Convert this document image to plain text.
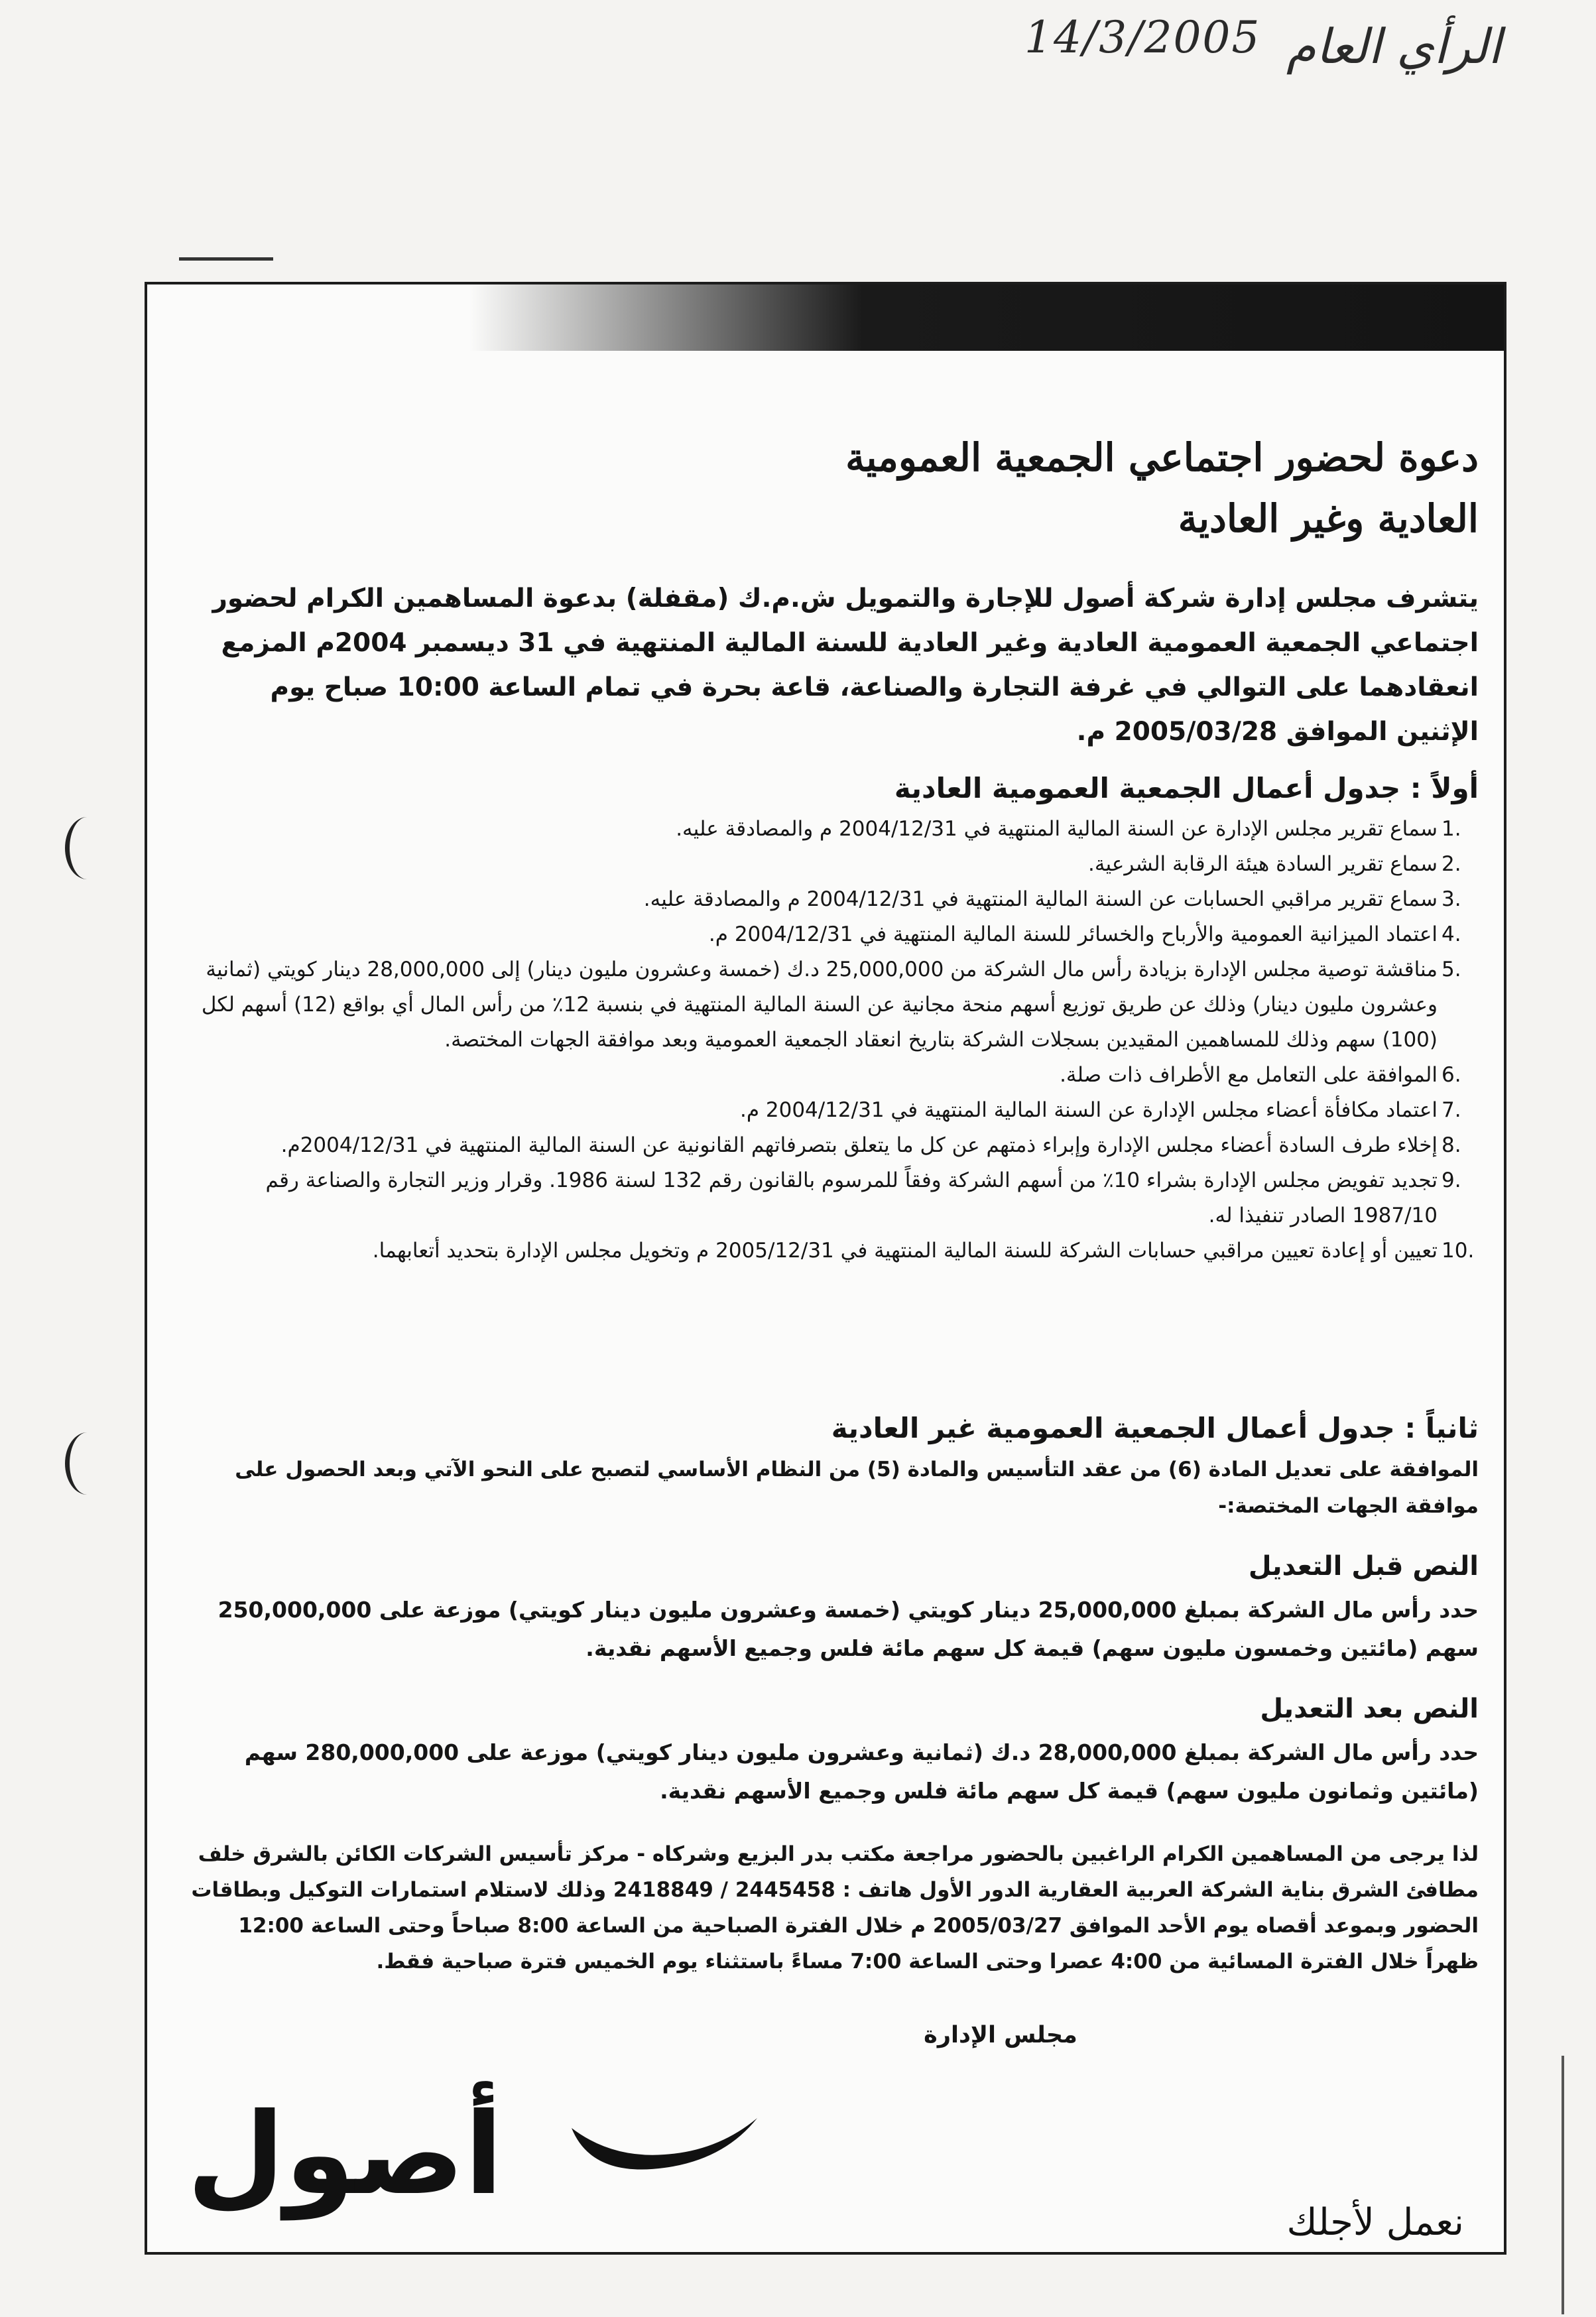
14/3/2005 الرأي العام
دعوة لحضور اجتماعي الجمعية العمومية
العادية وغير العادية
يتشرف مجلس إدارة شركة أصول للإجارة والتمويل ش.م.ك (مقفلة) بدعوة المساهمين الكرام لحضور اجتماعي الجمعية العمومية العادية وغير العادية للسنة المالية المنتهية في 31 ديسمبر 2004م المزمع انعقادهما على التوالي في غرفة التجارة والصناعة، قاعة بحرة في تمام الساعة 10:00 صباح يوم الإثنين الموافق 2005/03/28 م.
أولاً : جدول أعمال الجمعية العمومية العادية
1.
سماع تقرير مجلس الإدارة عن السنة المالية المنتهية في 2004/12/31 م والمصادقة عليه.
2.
سماع تقرير السادة هيئة الرقابة الشرعية.
3.
سماع تقرير مراقبي الحسابات عن السنة المالية المنتهية في 2004/12/31 م والمصادقة عليه.
4.
اعتماد الميزانية العمومية والأرباح والخسائر للسنة المالية المنتهية في 2004/12/31 م.
5.
مناقشة توصية مجلس الإدارة بزيادة رأس مال الشركة من 25,000,000 د.ك (خمسة وعشرون مليون دينار) إلى 28,000,000 دينار كويتي (ثمانية وعشرون مليون دينار) وذلك عن طريق توزيع أسهم منحة مجانية عن السنة المالية المنتهية في بنسبة 12٪ من رأس المال أي بواقع (12) أسهم لكل (100) سهم وذلك للمساهمين المقيدين بسجلات الشركة بتاريخ انعقاد الجمعية العمومية وبعد موافقة الجهات المختصة.
6.
الموافقة على التعامل مع الأطراف ذات صلة.
7.
اعتماد مكافأة أعضاء مجلس الإدارة عن السنة المالية المنتهية في 2004/12/31 م.
8.
إخلاء طرف السادة أعضاء مجلس الإدارة وإبراء ذمتهم عن كل ما يتعلق بتصرفاتهم القانونية عن السنة المالية المنتهية في 2004/12/31م.
9.
تجديد تفويض مجلس الإدارة بشراء 10٪ من أسهم الشركة وفقاً للمرسوم بالقانون رقم 132 لسنة 1986. وقرار وزير التجارة والصناعة رقم 1987/10 الصادر تنفيذا له.
10.
تعيين أو إعادة تعيين مراقبي حسابات الشركة للسنة المالية المنتهية في 2005/12/31 م وتخويل مجلس الإدارة بتحديد أتعابهما.
ثانياً : جدول أعمال الجمعية العمومية غير العادية
الموافقة على تعديل المادة (6) من عقد التأسيس والمادة (5) من النظام الأساسي لتصبح على النحو الآتي وبعد الحصول على موافقة الجهات المختصة:-
النص قبل التعديل
حدد رأس مال الشركة بمبلغ 25,000,000 دينار كويتي (خمسة وعشرون مليون دينار كويتي) موزعة على 250,000,000 سهم (مائتين وخمسون مليون سهم) قيمة كل سهم مائة فلس وجميع الأسهم نقدية.
النص بعد التعديل
حدد رأس مال الشركة بمبلغ 28,000,000 د.ك (ثمانية وعشرون مليون دينار كويتي) موزعة على 280,000,000 سهم (مائتين وثمانون مليون سهم) قيمة كل سهم مائة فلس وجميع الأسهم نقدية.
لذا يرجى من المساهمين الكرام الراغبين بالحضور مراجعة مكتب بدر البزيع وشركاه - مركز تأسيس الشركات الكائن بالشرق خلف مطافئ الشرق بناية الشركة العربية العقارية الدور الأول هاتف : 2445458 / 2418849 وذلك لاستلام استمارات التوكيل وبطاقات الحضور وبموعد أقصاه يوم الأحد الموافق 2005/03/27 م خلال الفترة الصباحية من الساعة 8:00 صباحاً وحتى الساعة 12:00 ظهراً خلال الفترة المسائية من 4:00 عصرا وحتى الساعة 7:00 مساءً باستثناء يوم الخميس فترة صباحية فقط.
مجلس الإدارة
أصول
نعمل لأجلك
